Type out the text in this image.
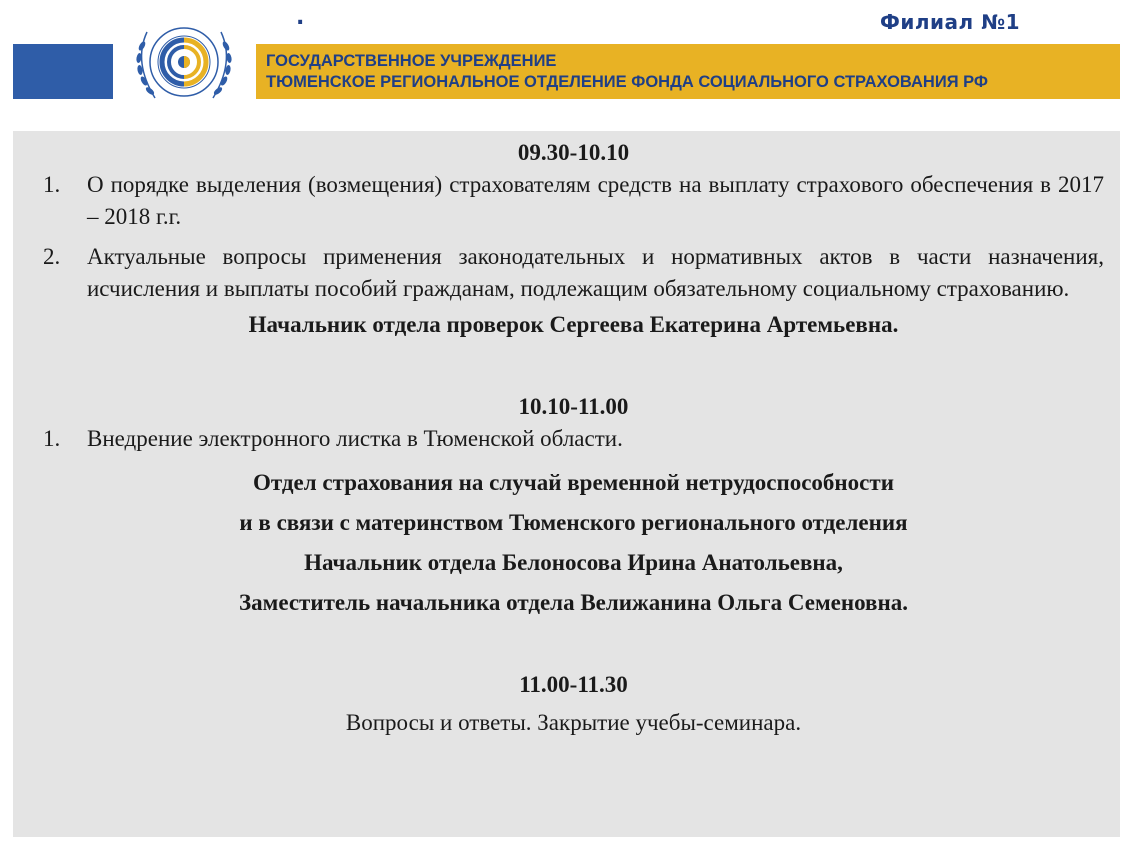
.	Филиал №1
ГОСУДАРСТВЕННОЕ УЧРЕЖДЕНИЕ
ТЮМЕНСКОЕ РЕГИОНАЛЬНОЕ ОТДЕЛЕНИЕ ФОНДА СОЦИАЛЬНОГО СТРАХОВАНИЯ РФ
09.30-10.10
1.	О порядке выделения (возмещения) страхователям средств на выплату страхового обеспечения в 2017 – 2018 г.г.
2.	Актуальные вопросы применения законодательных и нормативных актов в части назначения, исчисления и выплаты пособий гражданам, подлежащим обязательному социальному страхованию.
Начальник отдела проверок Сергеева Екатерина Артемьевна.
10.10-11.00
1.	Внедрение электронного листка в Тюменской области.
Отдел страхования на случай временной нетрудоспособности
и в связи с материнством Тюменского регионального отделения
Начальник отдела Белоносова Ирина Анатольевна,
Заместитель начальника отдела Велижанина Ольга Семеновна.
11.00-11.30
Вопросы и ответы. Закрытие учебы-семинара.
